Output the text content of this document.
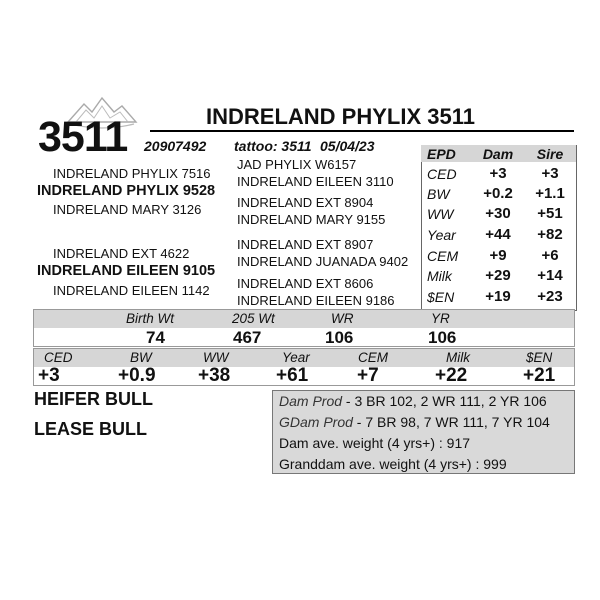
3511	INDRELAND PHYLIX 3511
20907492 tattoo: 3511 05/04/23
INDRELAND PHYLIX 7516
INDRELAND PHYLIX 9528
INDRELAND MARY 3126
JAD PHYLIX W6157
INDRELAND EILEEN 3110
INDRELAND EXT 8904
INDRELAND MARY 9155
INDRELAND EXT 4622
INDRELAND EILEEN 9105
INDRELAND EILEEN 1142
INDRELAND EXT 8907
INDRELAND JUANADA 9402
INDRELAND EXT 8606
INDRELAND EILEEN 9186
EPD	Dam	Sire
CED	+3	+3
BW	+0.2	+1.1
WW	+30	+51
Year	+44	+82
CEM	+9	+6
Milk	+29	+14
$EN	+19	+23
Birth Wt	205 Wt	WR	YR
74	467	106	106
CED	BW	WW	Year	CEM	Milk	$EN
+3	+0.9 +38 +61	+7	+22	+21
HEIFER BULL
LEASE BULL
Dam Prod - 3 BR 102, 2 WR 111, 2 YR 106
GDam Prod - 7 BR 98, 7 WR 111, 7 YR 104
Dam ave. weight (4 yrs+) : 917
Granddam ave. weight (4 yrs+) : 999
